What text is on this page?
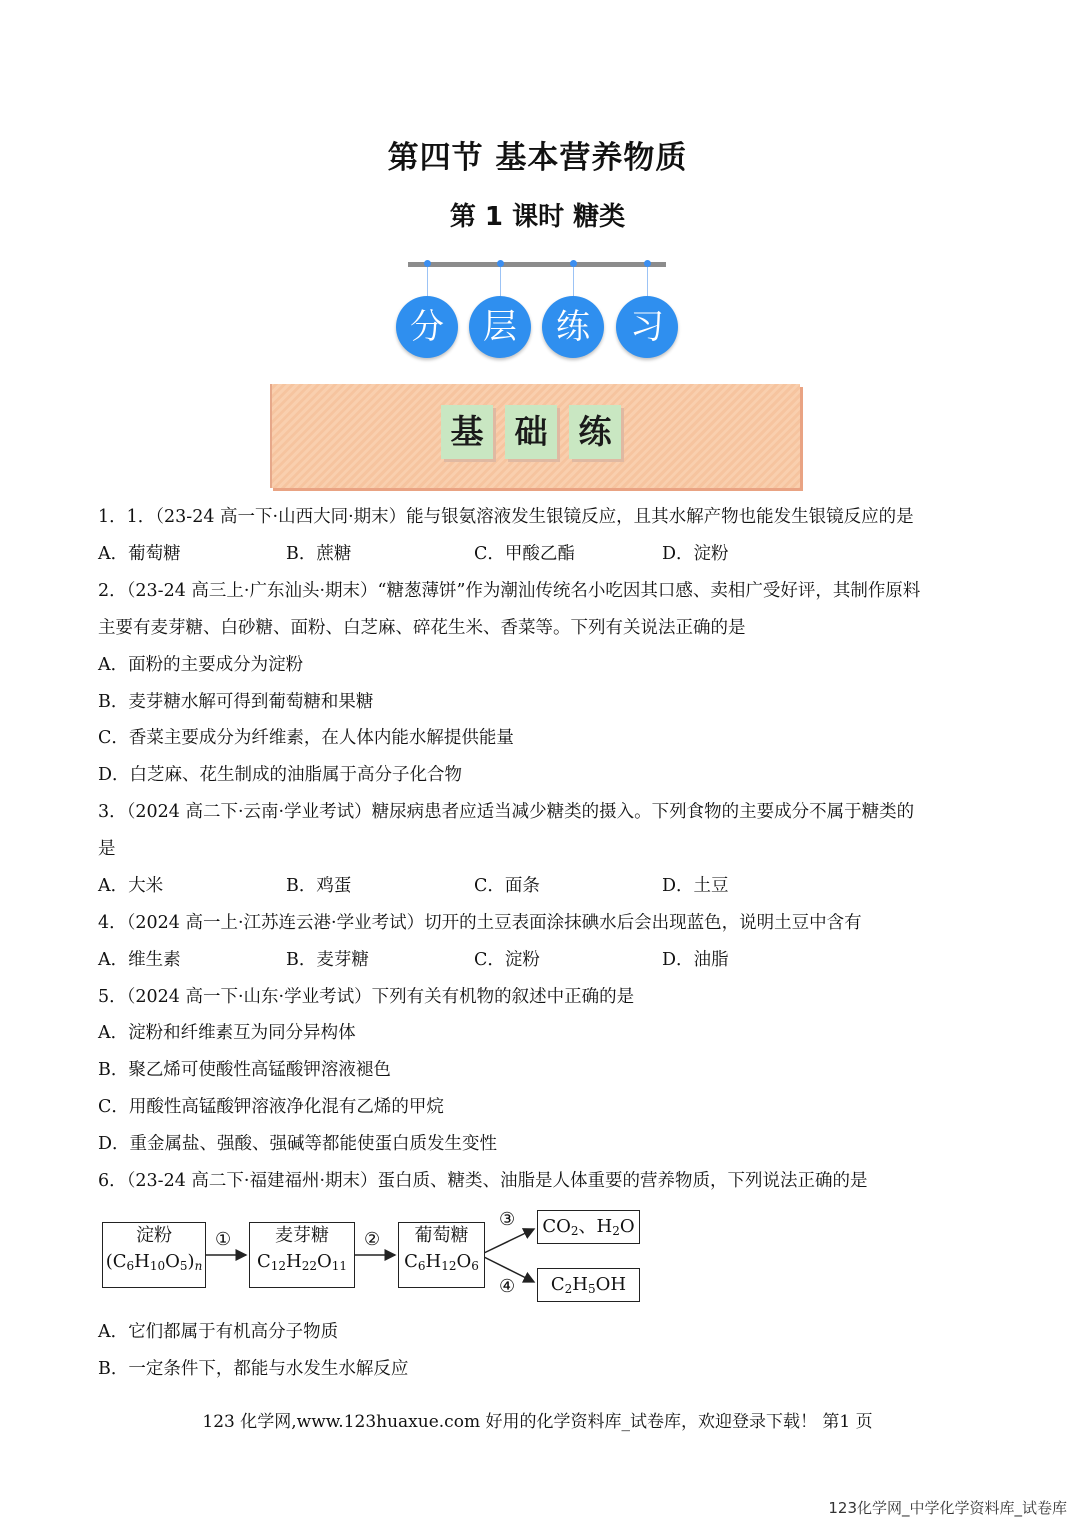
第四节 基本营养物质
第 1 课时 糖类
分	层	练	习
基 础 练
1．1．（23-24 高一下·山西大同·期末）能与银氨溶液发生银镜反应，且其水解产物也能发生银镜反应的是
A．葡萄糖	B．蔗糖	C．甲酸乙酯	D．淀粉
2．（23-24 高三上·广东汕头·期末）“糖葱薄饼”作为潮汕传统名小吃因其口感、卖相广受好评，其制作原料
主要有麦芽糖、白砂糖、面粉、白芝麻、碎花生米、香菜等。下列有关说法正确的是
A．面粉的主要成分为淀粉
B．麦芽糖水解可得到葡萄糖和果糖
C．香菜主要成分为纤维素，在人体内能水解提供能量
D．白芝麻、花生制成的油脂属于高分子化合物
3．（2024 高二下·云南·学业考试）糖尿病患者应适当减少糖类的摄入。下列食物的主要成分不属于糖类的
是
A．大米	B．鸡蛋	C．面条	D．土豆
4．（2024 高一上·江苏连云港·学业考试）切开的土豆表面涂抹碘水后会出现蓝色，说明土豆中含有
A．维生素	B．麦芽糖	C．淀粉	D．油脂
5．（2024 高一下·山东·学业考试）下列有关有机物的叙述中正确的是
A．淀粉和纤维素互为同分异构体
B．聚乙烯可使酸性高锰酸钾溶液褪色
C．用酸性高锰酸钾溶液净化混有乙烯的甲烷
D．重金属盐、强酸、强碱等都能使蛋白质发生变性
6．（23-24 高二下·福建福州·期末）蛋白质、糖类、油脂是人体重要的营养物质，下列说法正确的是
淀粉
$(C_6H_{10}O_5)_n$
①	麦芽糖
$C_{12}H_{22}O_{11}$
②	葡萄糖
$C_6H_{12}O_6$
③
④
$CO_2$、$H_2O$
$C_2H_5OH$
A．它们都属于有机高分子物质
B．一定条件下，都能与水发生水解反应
123 化学网,www.123huaxue.com 好用的化学资料库_试卷库，欢迎登录下载！ 第1 页
123化学网_中学化学资料库_试卷库
